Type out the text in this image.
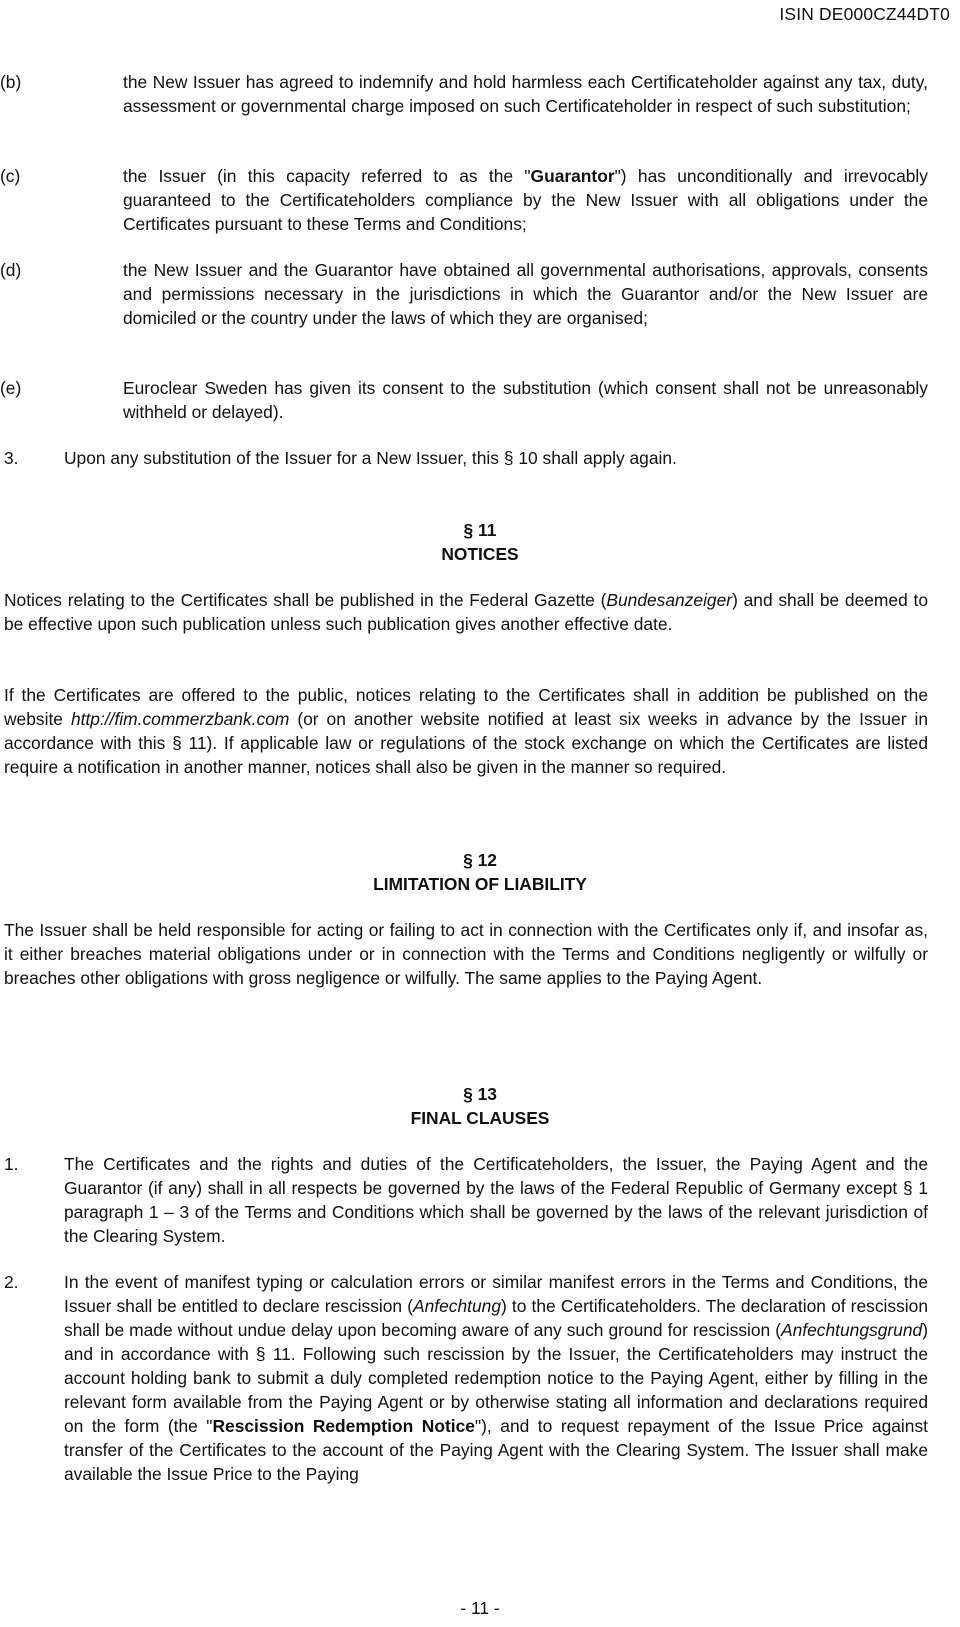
ISIN DE000CZ44DT0
(b)	the New Issuer has agreed to indemnify and hold harmless each Certificateholder against any tax, duty, assessment or governmental charge imposed on such Certificateholder in respect of such substitution;
(c)	the Issuer (in this capacity referred to as the "Guarantor") has unconditionally and irrevocably guaranteed to the Certificateholders compliance by the New Issuer with all obligations under the Certificates pursuant to these Terms and Conditions;
(d)	the New Issuer and the Guarantor have obtained all governmental authorisations, approvals, consents and permissions necessary in the jurisdictions in which the Guarantor and/or the New Issuer are domiciled or the country under the laws of which they are organised;
(e)	Euroclear Sweden has given its consent to the substitution (which consent shall not be unreasonably withheld or delayed).
3.	Upon any substitution of the Issuer for a New Issuer, this § 10 shall apply again.
§ 11
NOTICES
Notices relating to the Certificates shall be published in the Federal Gazette (Bundesanzeiger) and shall be deemed to be effective upon such publication unless such publication gives another effective date.
If the Certificates are offered to the public, notices relating to the Certificates shall in addition be published on the website http://fim.commerzbank.com (or on another website notified at least six weeks in advance by the Issuer in accordance with this § 11). If applicable law or regulations of the stock exchange on which the Certificates are listed require a notification in another manner, notices shall also be given in the manner so required.
§ 12
LIMITATION OF LIABILITY
The Issuer shall be held responsible for acting or failing to act in connection with the Certificates only if, and insofar as, it either breaches material obligations under or in connection with the Terms and Conditions negligently or wilfully or breaches other obligations with gross negligence or wilfully. The same applies to the Paying Agent.
§ 13
FINAL CLAUSES
1.	The Certificates and the rights and duties of the Certificateholders, the Issuer, the Paying Agent and the Guarantor (if any) shall in all respects be governed by the laws of the Federal Republic of Germany except § 1 paragraph 1 – 3 of the Terms and Conditions which shall be governed by the laws of the relevant jurisdiction of the Clearing System.
2.	In the event of manifest typing or calculation errors or similar manifest errors in the Terms and Conditions, the Issuer shall be entitled to declare rescission (Anfechtung) to the Certificateholders. The declaration of rescission shall be made without undue delay upon becoming aware of any such ground for rescission (Anfechtungsgrund) and in accordance with § 11. Following such rescission by the Issuer, the Certificateholders may instruct the account holding bank to submit a duly completed redemption notice to the Paying Agent, either by filling in the relevant form available from the Paying Agent or by otherwise stating all information and declarations required on the form (the "Rescission Redemption Notice"), and to request repayment of the Issue Price against transfer of the Certificates to the account of the Paying Agent with the Clearing System. The Issuer shall make available the Issue Price to the Paying
- 11 -
